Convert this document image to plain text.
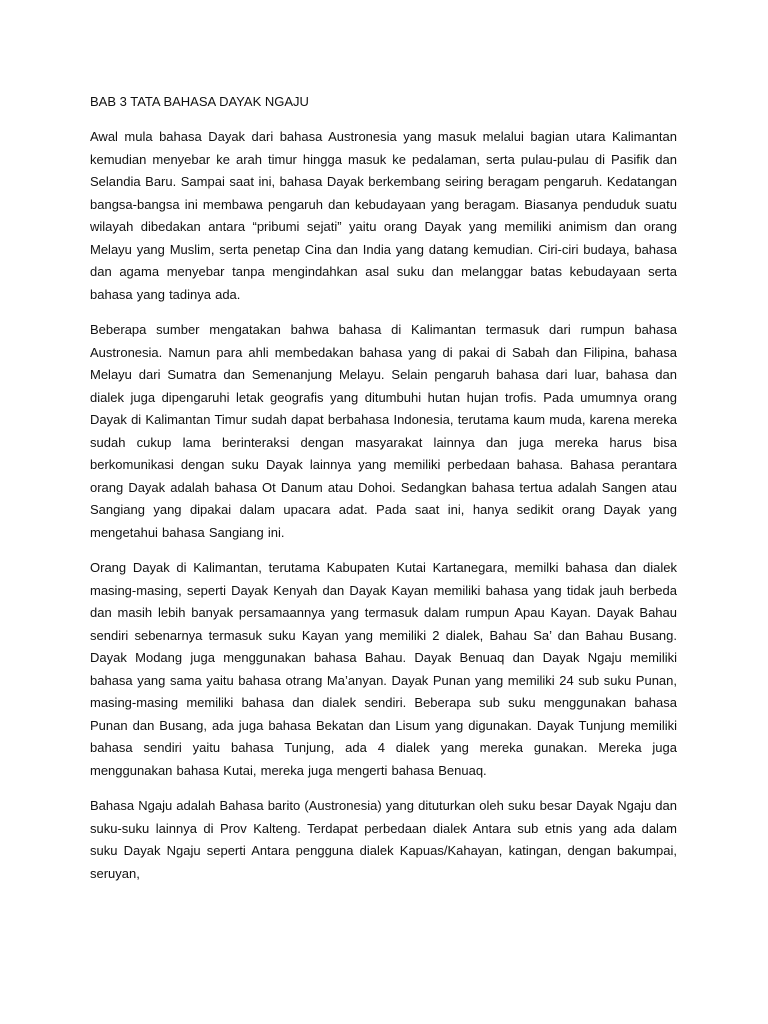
BAB 3 TATA BAHASA DAYAK NGAJU

Awal mula bahasa Dayak dari bahasa Austronesia yang masuk melalui bagian utara Kalimantan kemudian menyebar ke arah timur hingga masuk ke pedalaman, serta pulau-pulau di Pasifik dan Selandia Baru. Sampai saat ini, bahasa Dayak berkembang seiring beragam pengaruh. Kedatangan bangsa-bangsa ini membawa pengaruh dan kebudayaan yang beragam. Biasanya penduduk suatu wilayah dibedakan antara “pribumi sejati” yaitu orang Dayak yang memiliki animism dan orang Melayu yang Muslim, serta penetap Cina dan India yang datang kemudian. Ciri-ciri budaya, bahasa dan agama menyebar tanpa mengindahkan asal suku dan melanggar batas kebudayaan serta bahasa yang tadinya ada.

Beberapa sumber mengatakan bahwa bahasa di Kalimantan termasuk dari rumpun bahasa Austronesia. Namun para ahli membedakan bahasa yang di pakai di Sabah dan Filipina, bahasa Melayu dari Sumatra dan Semenanjung Melayu. Selain pengaruh bahasa dari luar, bahasa dan dialek juga dipengaruhi letak geografis yang ditumbuhi hutan hujan trofis. Pada umumnya orang Dayak di Kalimantan Timur sudah dapat berbahasa Indonesia, terutama kaum muda, karena mereka sudah cukup lama berinteraksi dengan masyarakat lainnya dan juga mereka harus bisa berkomunikasi dengan suku Dayak lainnya yang memiliki perbedaan bahasa. Bahasa perantara orang Dayak adalah bahasa Ot Danum atau Dohoi. Sedangkan bahasa tertua adalah Sangen atau Sangiang yang dipakai dalam upacara adat. Pada saat ini, hanya sedikit orang Dayak yang mengetahui bahasa Sangiang ini.

Orang Dayak di Kalimantan, terutama Kabupaten Kutai Kartanegara, memilki bahasa dan dialek masing-masing, seperti Dayak Kenyah dan Dayak Kayan memiliki bahasa yang tidak jauh berbeda dan masih lebih banyak persamaannya yang termasuk dalam rumpun Apau Kayan. Dayak Bahau sendiri sebenarnya termasuk suku Kayan yang memiliki 2 dialek, Bahau Sa’ dan Bahau Busang. Dayak Modang juga menggunakan bahasa Bahau. Dayak Benuaq dan Dayak Ngaju memiliki bahasa yang sama yaitu bahasa otrang Ma’anyan. Dayak Punan yang memiliki 24 sub suku Punan, masing-masing memiliki bahasa dan dialek sendiri. Beberapa sub suku menggunakan bahasa Punan dan Busang, ada juga bahasa Bekatan dan Lisum yang digunakan. Dayak Tunjung memiliki bahasa sendiri yaitu bahasa Tunjung, ada 4 dialek yang mereka gunakan. Mereka juga menggunakan bahasa Kutai, mereka juga mengerti bahasa Benuaq.

Bahasa Ngaju adalah Bahasa barito (Austronesia) yang dituturkan oleh suku besar Dayak Ngaju dan suku-suku lainnya di Prov Kalteng. Terdapat perbedaan dialek Antara sub etnis yang ada dalam suku Dayak Ngaju seperti Antara pengguna dialek Kapuas/Kahayan, katingan, dengan bakumpai, seruyan,
